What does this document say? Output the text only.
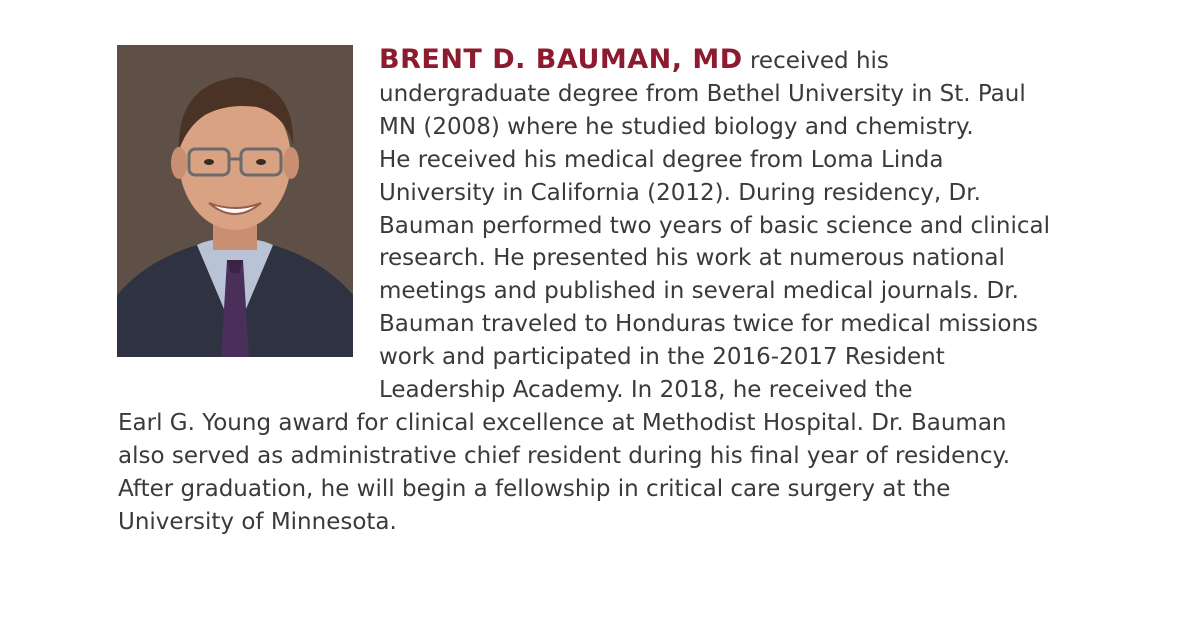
BRENT D. BAUMAN, MD received his
undergraduate degree from Bethel University in St. Paul
MN (2008) where he studied biology and chemistry.
He received his medical degree from Loma Linda
University in California (2012). During residency, Dr.
Bauman performed two years of basic science and clinical
research. He presented his work at numerous national
meetings and published in several medical journals. Dr.
Bauman traveled to Honduras twice for medical missions
work and participated in the 2016-2017 Resident
Leadership Academy. In 2018, he received the
Earl G. Young award for clinical excellence at Methodist Hospital. Dr. Bauman
also served as administrative chief resident during his final year of residency.
After graduation, he will begin a fellowship in critical care surgery at the
University of Minnesota.
